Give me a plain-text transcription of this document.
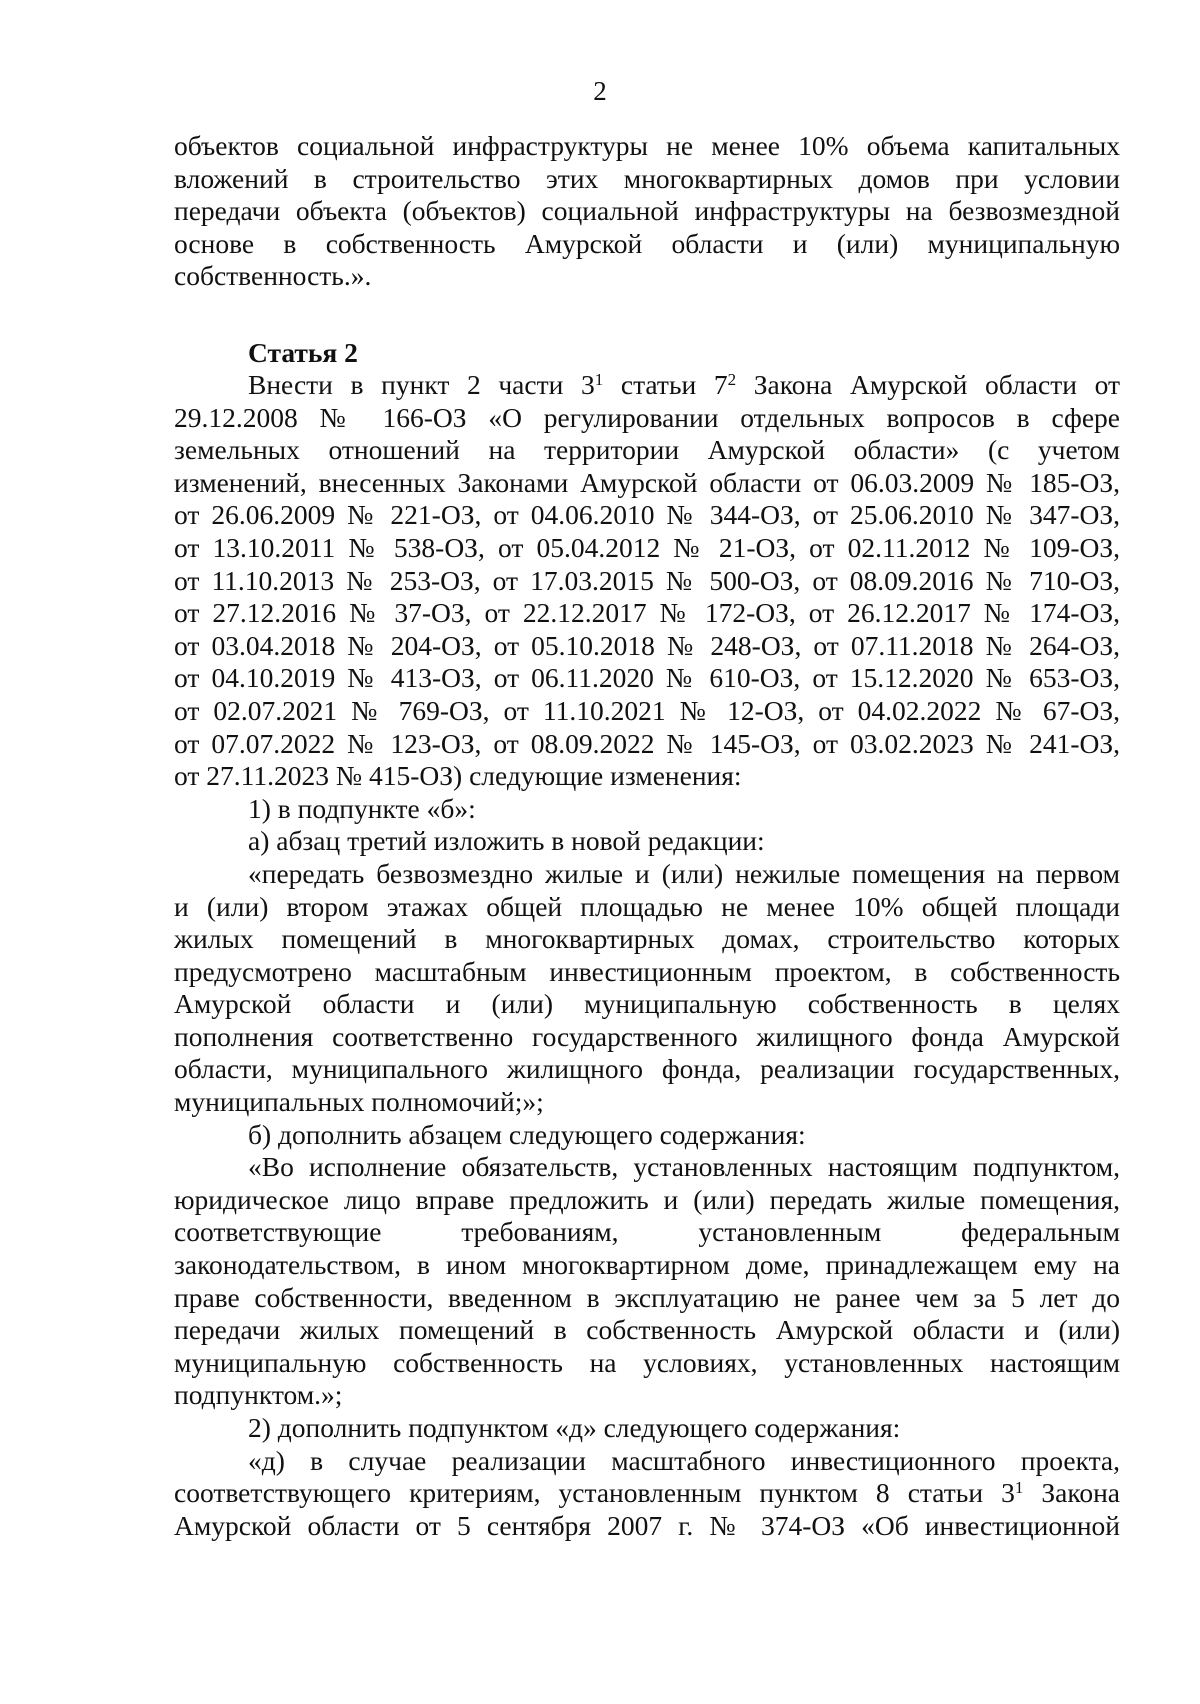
2
объектов социальной инфраструктуры не менее 10% объема капитальных
вложений в строительство этих многоквартирных домов при условии
передачи объекта (объектов) социальной инфраструктуры на безвозмездной
основе в собственность Амурской области и (или) муниципальную
собственность.».
Статья 2
Внести в пункт 2 части $3^1$ статьи $7^2$ Закона Амурской области от
29.12.2008 № 166-ОЗ «О регулировании отдельных вопросов в сфере
земельных отношений на территории Амурской области» (с учетом
изменений, внесенных Законами Амурской области от 06.03.2009 № 185-ОЗ,
от 26.06.2009 № 221-ОЗ, от 04.06.2010 № 344-ОЗ, от 25.06.2010 № 347-ОЗ,
от 13.10.2011 № 538-ОЗ, от 05.04.2012 № 21-ОЗ, от 02.11.2012 № 109-ОЗ,
от 11.10.2013 № 253-ОЗ, от 17.03.2015 № 500-ОЗ, от 08.09.2016 № 710-ОЗ,
от 27.12.2016 № 37-ОЗ, от 22.12.2017 № 172-ОЗ, от 26.12.2017 № 174-ОЗ,
от 03.04.2018 № 204-ОЗ, от 05.10.2018 № 248-ОЗ, от 07.11.2018 № 264-ОЗ,
от 04.10.2019 № 413-ОЗ, от 06.11.2020 № 610-ОЗ, от 15.12.2020 № 653-ОЗ,
от 02.07.2021 № 769-ОЗ, от 11.10.2021 № 12-ОЗ, от 04.02.2022 № 67-ОЗ,
от 07.07.2022 № 123-ОЗ, от 08.09.2022 № 145-ОЗ, от 03.02.2023 № 241-ОЗ,
от 27.11.2023 № 415-ОЗ) следующие изменения:
1) в подпункте «б»:
а) абзац третий изложить в новой редакции:
«передать безвозмездно жилые и (или) нежилые помещения на первом
и (или) втором этажах общей площадью не менее 10% общей площади
жилых помещений в многоквартирных домах, строительство которых
предусмотрено масштабным инвестиционным проектом, в собственность
Амурской области и (или) муниципальную собственность в целях
пополнения соответственно государственного жилищного фонда Амурской
области, муниципального жилищного фонда, реализации государственных,
муниципальных полномочий;»;
б) дополнить абзацем следующего содержания:
«Во исполнение обязательств, установленных настоящим подпунктом,
юридическое лицо вправе предложить и (или) передать жилые помещения,
соответствующие требованиям, установленным федеральным
законодательством, в ином многоквартирном доме, принадлежащем ему на
праве собственности, введенном в эксплуатацию не ранее чем за 5 лет до
передачи жилых помещений в собственность Амурской области и (или)
муниципальную собственность на условиях, установленных настоящим
подпунктом.»;
2) дополнить подпунктом «д» следующего содержания:
«д) в случае реализации масштабного инвестиционного проекта,
соответствующего критериям, установленным пунктом 8 статьи $3^1$ Закона
Амурской области от 5 сентября 2007 г. № 374-ОЗ «Об инвестиционной
